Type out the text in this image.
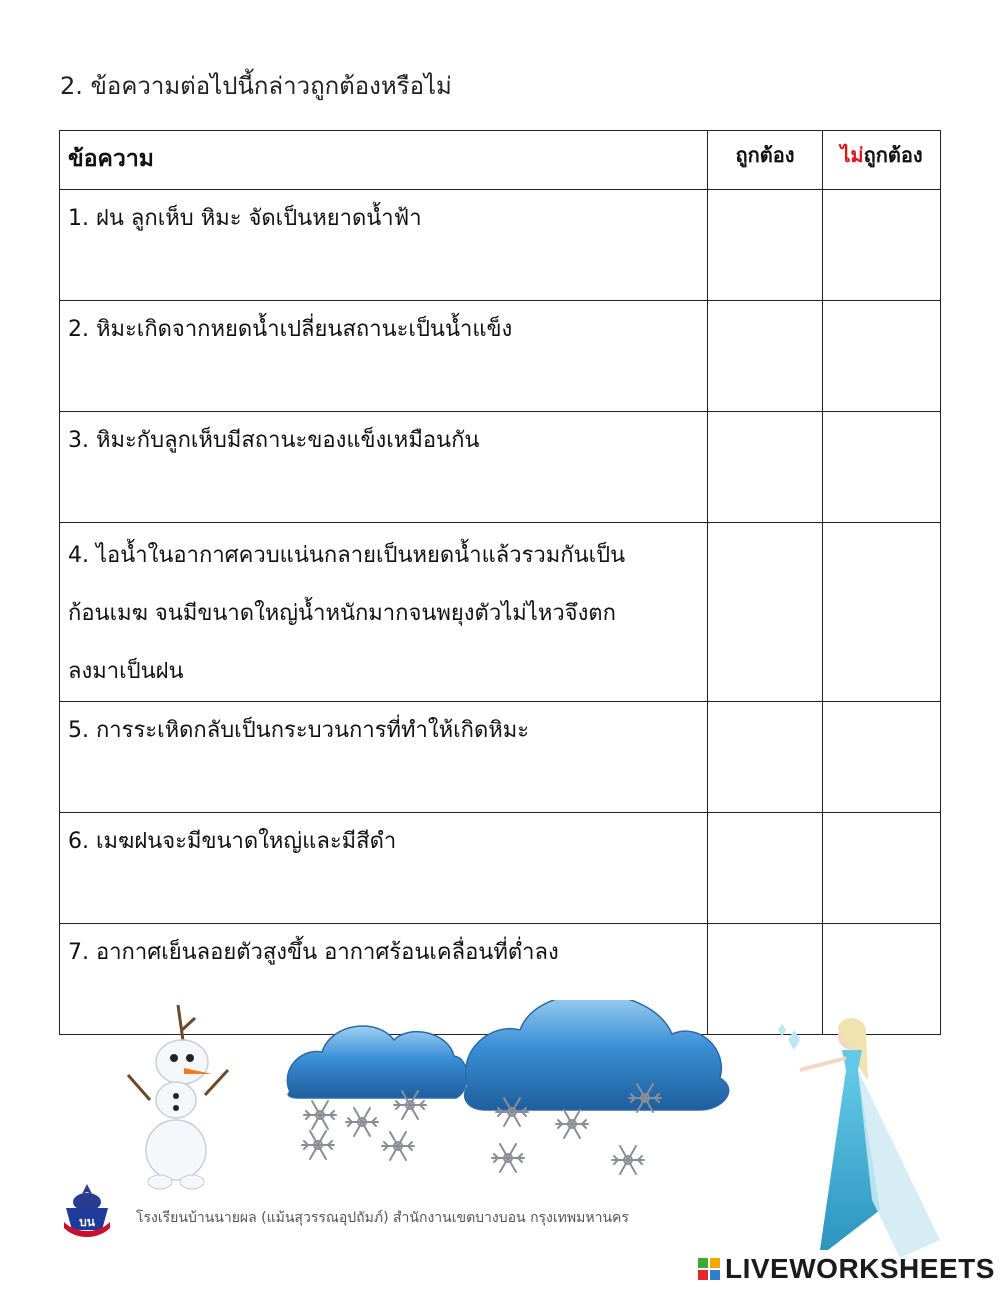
2. ข้อความต่อไปนี้กล่าวถูกต้องหรือไม่
ข้อความ	ถูกต้อง	ไม่ถูกต้อง

1. ฝน ลูกเห็บ หิมะ จัดเป็นหยาดน้ำฟ้า		

2. หิมะเกิดจากหยดน้ำเปลี่ยนสถานะเป็นน้ำแข็ง		

3. หิมะกับลูกเห็บมีสถานะของแข็งเหมือนกัน		

4. ไอน้ำในอากาศควบแน่นกลายเป็นหยดน้ำแล้วรวมกันเป็น

ก้อนเมฆ จนมีขนาดใหญ่น้ำหนักมากจนพยุงตัวไม่ไหวจึงตก

ลงมาเป็นฝน		

5. การระเหิดกลับเป็นกระบวนการที่ทำให้เกิดหิมะ		

6. เมฆฝนจะมีขนาดใหญ่และมีสีดำ		

7. อากาศเย็นลอยตัวสูงขึ้น อากาศร้อนเคลื่อนที่ต่ำลง		

บน	โรงเรียนบ้านนายผล (แม้นสุวรรณอุปถัมภ์) สำนักงานเขตบางบอน กรุงเทพมหานคร
LIVEWORKSHEETS
